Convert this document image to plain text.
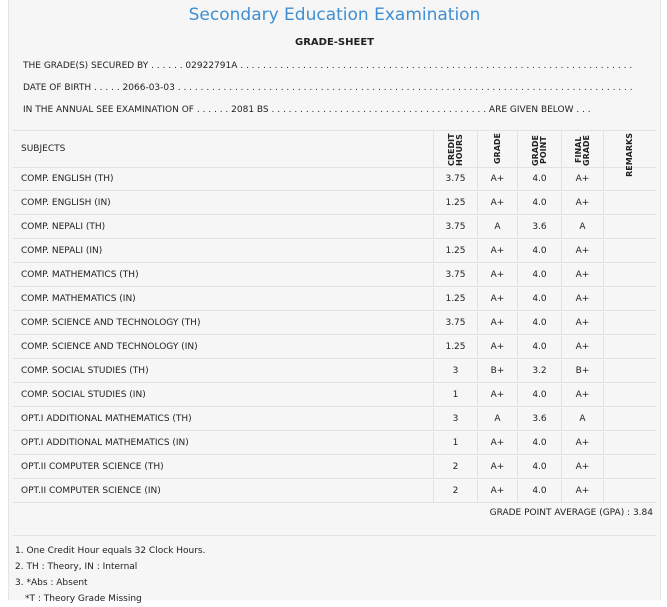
Secondary Education Examination
GRADE-SHEET
THE GRADE(S) SECURED BY . . . . . . 02922791A . . . . . . . . . . . . . . . . . . . . . . . . . . . . . . . . . . . . . . . . . . . . . . . . . . . . . . . . . . . . . . . . . . . . .
DATE OF BIRTH . . . . . 2066-03-03 . . . . . . . . . . . . . . . . . . . . . . . . . . . . . . . . . . . . . . . . . . . . . . . . . . . . . . . . . . . . . . . . . . . . . . . . . . . . . . . .
IN THE ANNUAL SEE EXAMINATION OF . . . . . . 2081 BS . . . . . . . . . . . . . . . . . . . . . . . . . . . . . . . . . . . . . . ARE GIVEN BELOW . . .
SUBJECTS	CREDIT HOURS	GRADE	GRADE POINT	FINAL GRADE	REMARKS
COMP. ENGLISH (TH)	3.75	A+	4.0	A+
COMP. ENGLISH (IN)	1.25	A+	4.0	A+
COMP. NEPALI (TH)	3.75	A	3.6	A
COMP. NEPALI (IN)	1.25	A+	4.0	A+
COMP. MATHEMATICS (TH)	3.75	A+	4.0	A+
COMP. MATHEMATICS (IN)	1.25	A+	4.0	A+
COMP. SCIENCE AND TECHNOLOGY (TH)	3.75	A+	4.0	A+
COMP. SCIENCE AND TECHNOLOGY (IN)	1.25	A+	4.0	A+
COMP. SOCIAL STUDIES (TH)	3	B+	3.2	B+
COMP. SOCIAL STUDIES (IN)	1	A+	4.0	A+
OPT.I ADDITIONAL MATHEMATICS (TH)	3	A	3.6	A
OPT.I ADDITIONAL MATHEMATICS (IN)	1	A+	4.0	A+
OPT.II COMPUTER SCIENCE (TH)	2	A+	4.0	A+
OPT.II COMPUTER SCIENCE (IN)	2	A+	4.0	A+
GRADE POINT AVERAGE (GPA) : 3.84
1. One Credit Hour equals 32 Clock Hours.
2. TH : Theory, IN : Internal
3. *Abs : Absent
*T : Theory Grade Missing
